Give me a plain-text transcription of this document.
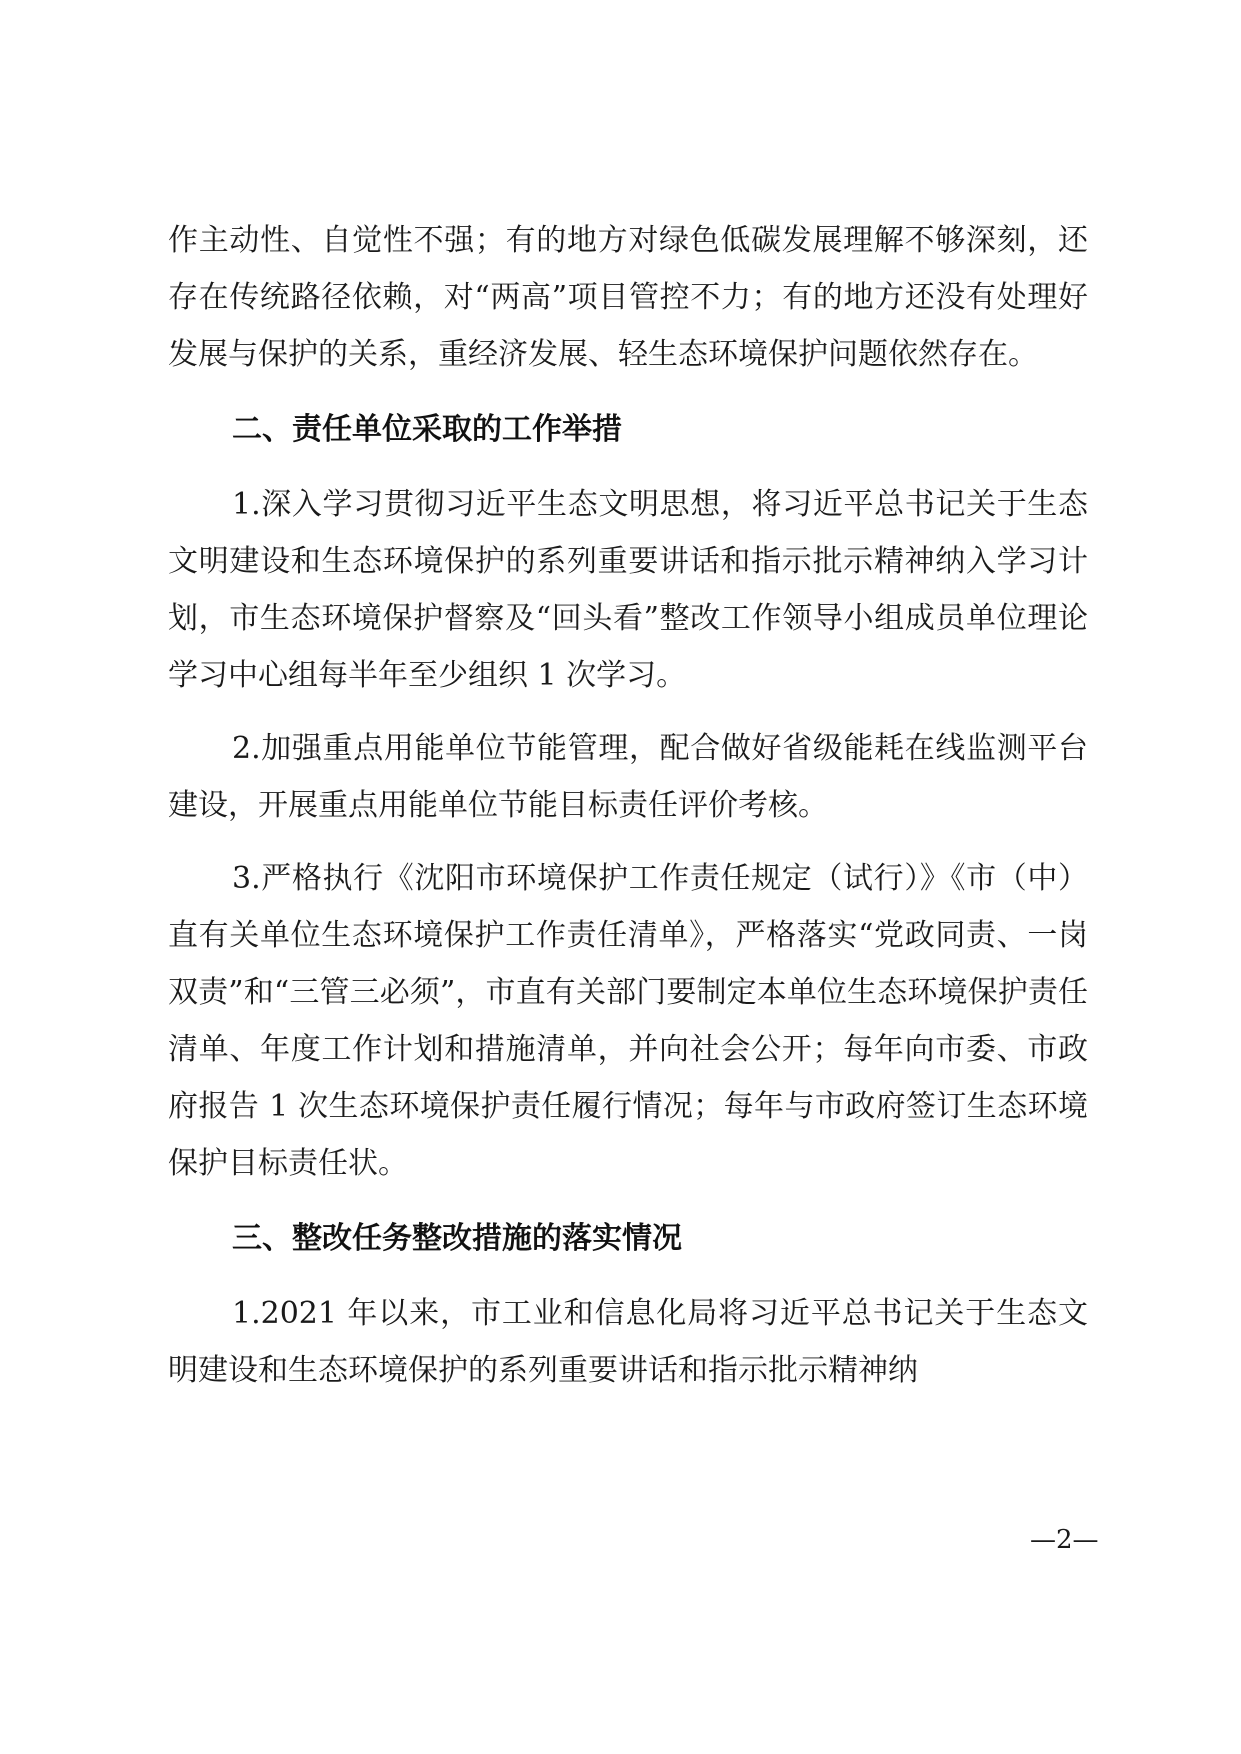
作主动性、自觉性不强；有的地方对绿色低碳发展理解不够深刻，还存在传统路径依赖，对“两高”项目管控不力；有的地方还没有处理好发展与保护的关系，重经济发展、轻生态环境保护问题依然存在。

二、责任单位采取的工作举措

1.深入学习贯彻习近平生态文明思想，将习近平总书记关于生态文明建设和生态环境保护的系列重要讲话和指示批示精神纳入学习计划，市生态环境保护督察及“回头看”整改工作领导小组成员单位理论学习中心组每半年至少组织 1 次学习。

2.加强重点用能单位节能管理，配合做好省级能耗在线监测平台建设，开展重点用能单位节能目标责任评价考核。

3.严格执行《沈阳市环境保护工作责任规定（试行）》《市（中）直有关单位生态环境保护工作责任清单》，严格落实“党政同责、一岗双责”和“三管三必须”，市直有关部门要制定本单位生态环境保护责任清单、年度工作计划和措施清单，并向社会公开；每年向市委、市政府报告 1 次生态环境保护责任履行情况；每年与市政府签订生态环境保护目标责任状。

三、整改任务整改措施的落实情况

1.2021 年以来，市工业和信息化局将习近平总书记关于生态文明建设和生态环境保护的系列重要讲话和指示批示精神纳

—2—
